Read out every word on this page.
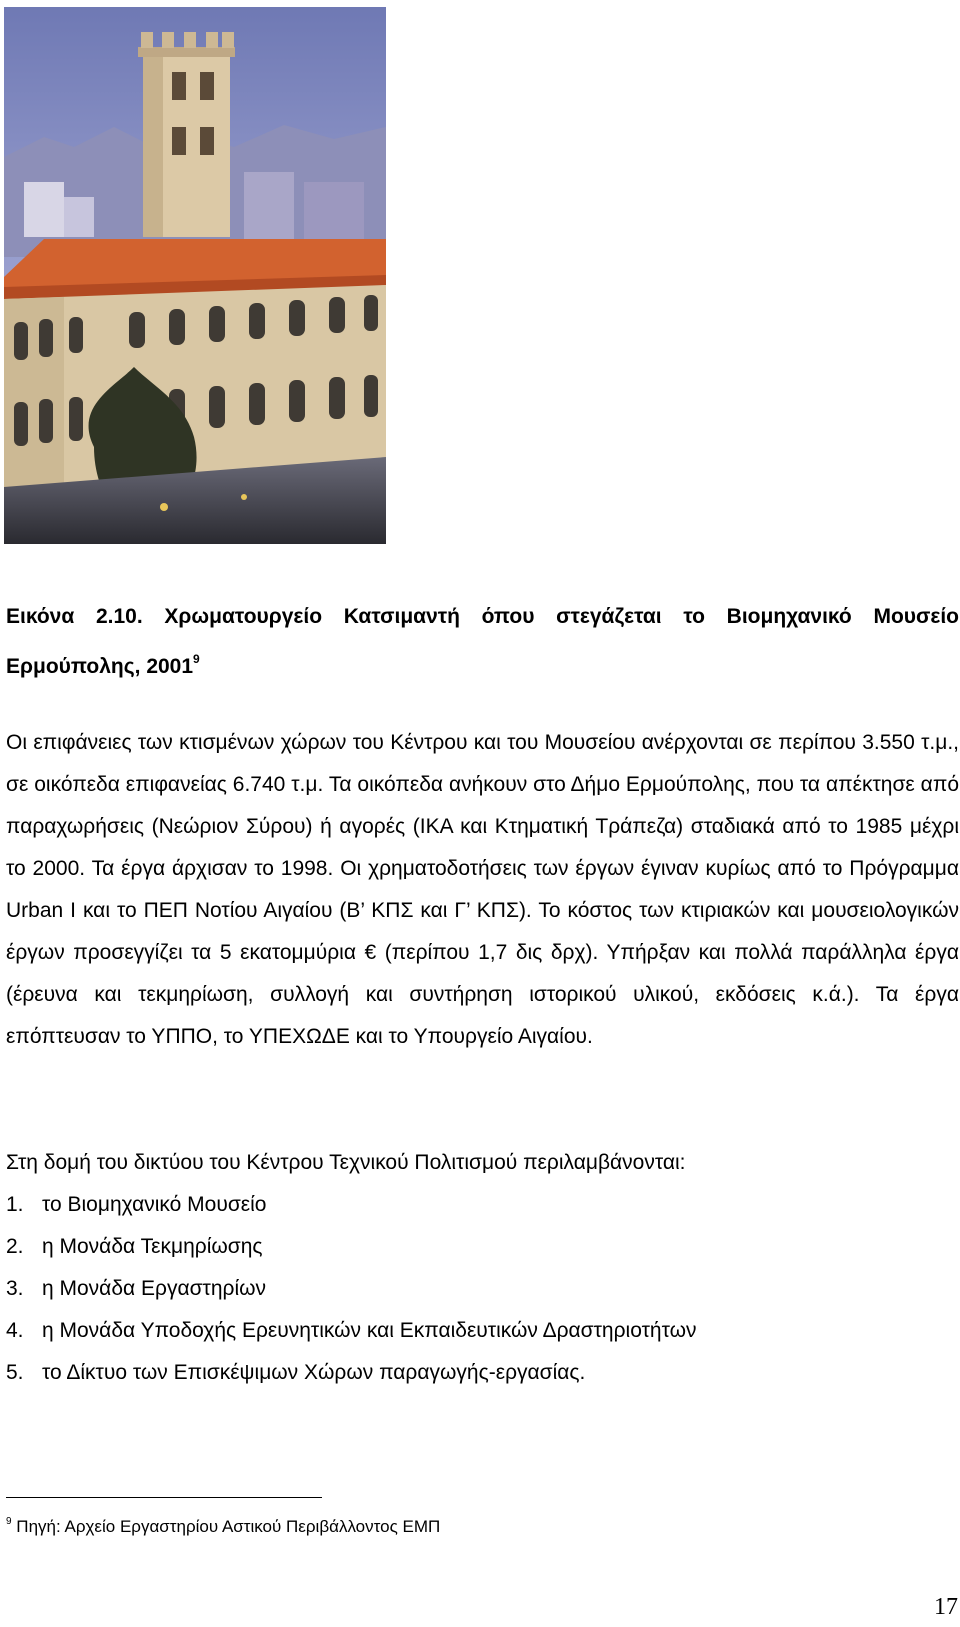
Εικόνα 2.10. Χρωματουργείο Κατσιμαντή όπου στεγάζεται το Βιομηχανικό Μουσείο Ερμούπολης, 2001$^9$

Οι επιφάνειες των κτισμένων χώρων του Κέντρου και του Μουσείου ανέρχονται σε περίπου 3.550 τ.μ., σε οικόπεδα επιφανείας 6.740 τ.μ. Τα οικόπεδα ανήκουν στο Δήμο Ερμούπολης, που τα απέκτησε από παραχωρήσεις (Νεώριον Σύρου) ή αγορές (ΙΚΑ και Κτηματική Τράπεζα) σταδιακά από το 1985 μέχρι το 2000. Τα έργα άρχισαν το 1998. Οι χρηματοδοτήσεις των έργων έγιναν κυρίως από το Πρόγραμμα Urban I και το ΠΕΠ Νοτίου Αιγαίου (Β’ ΚΠΣ και Γ’ ΚΠΣ). Το κόστος των κτιριακών και μουσειολογικών έργων προσεγγίζει τα 5 εκατομμύρια € (περίπου 1,7 δις δρχ). Υπήρξαν και πολλά παράλληλα έργα (έρευνα και τεκμηρίωση, συλλογή και συντήρηση ιστορικού υλικού, εκδόσεις κ.ά.). Τα έργα επόπτευσαν το ΥΠΠΟ, το ΥΠΕΧΩΔΕ και το Υπουργείο Αιγαίου.

Στη δομή του δικτύου του Κέντρου Τεχνικού Πολιτισμού περιλαμβάνονται:

1. το Βιομηχανικό Μουσείο
2. η Μονάδα Τεκμηρίωσης
3. η Μονάδα Εργαστηρίων
4. η Μονάδα Υποδοχής Ερευνητικών και Εκπαιδευτικών Δραστηριοτήτων
5. το Δίκτυο των Επισκέψιμων Χώρων παραγωγής-εργασίας.
$^9$ Πηγή: Αρχείο Εργαστηρίου Αστικού Περιβάλλοντος ΕΜΠ
17
